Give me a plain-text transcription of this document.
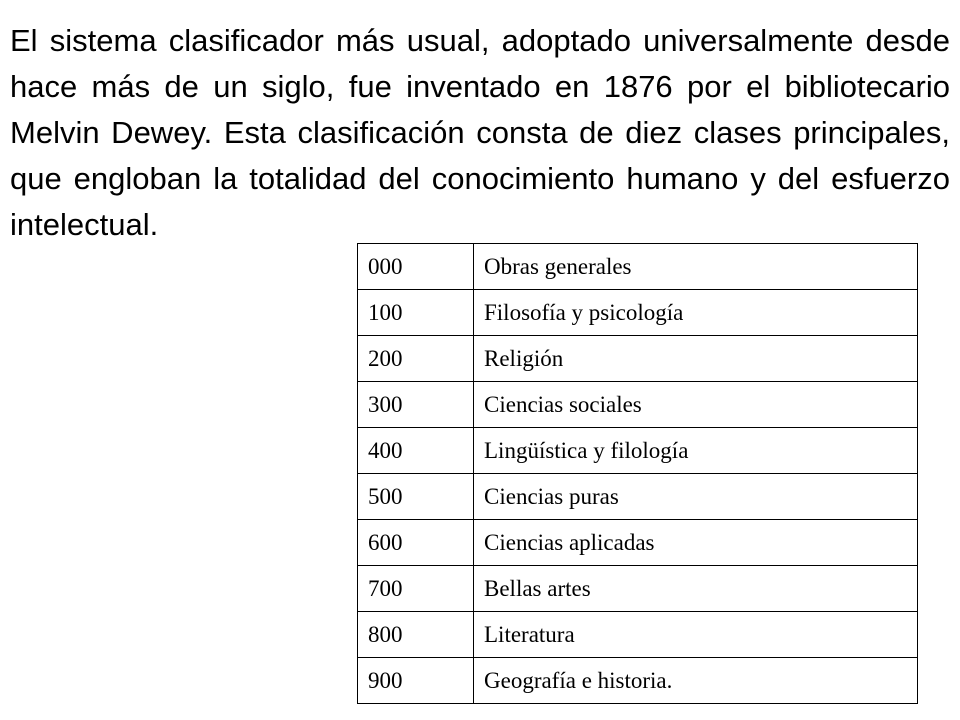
El sistema clasificador más usual, adoptado universalmente desde hace más de un siglo, fue inventado en 1876 por el bibliotecario Melvin Dewey. Esta clasificación consta de diez clases principales, que engloban la totalidad del conocimiento humano y del esfuerzo intelectual.

000	Obras generales
100	Filosofía y psicología
200	Religión
300	Ciencias sociales
400	Lingüística y filología
500	Ciencias puras
600	Ciencias aplicadas
700	Bellas artes
800	Literatura
900	Geografía e historia.
